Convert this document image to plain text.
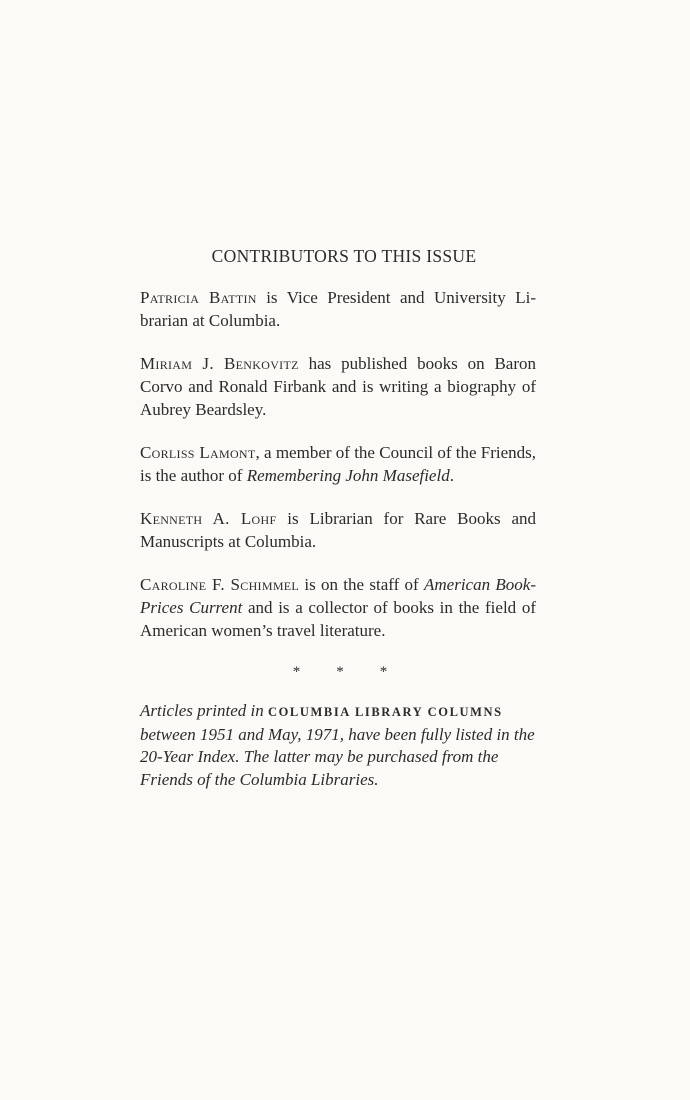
CONTRIBUTORS TO THIS ISSUE

Patricia Battin is Vice President and University Li-brarian at Columbia.

Miriam J. Benkovitz has published books on Baron Corvo and Ronald Firbank and is writing a biography of Aubrey Beardsley.

Corliss Lamont, a member of the Council of the Friends, is the author of Remembering John Masefield.

Kenneth A. Lohf is Librarian for Rare Books and Manuscripts at Columbia.

Caroline F. Schimmel is on the staff of American Book-Prices Current and is a collector of books in the field of American women’s travel literature.

* * *

Articles printed in COLUMBIA LIBRARY COLUMNS between 1951 and May, 1971, have been fully listed in the 20-Year Index. The latter may be purchased from the Friends of the Columbia Libraries.
